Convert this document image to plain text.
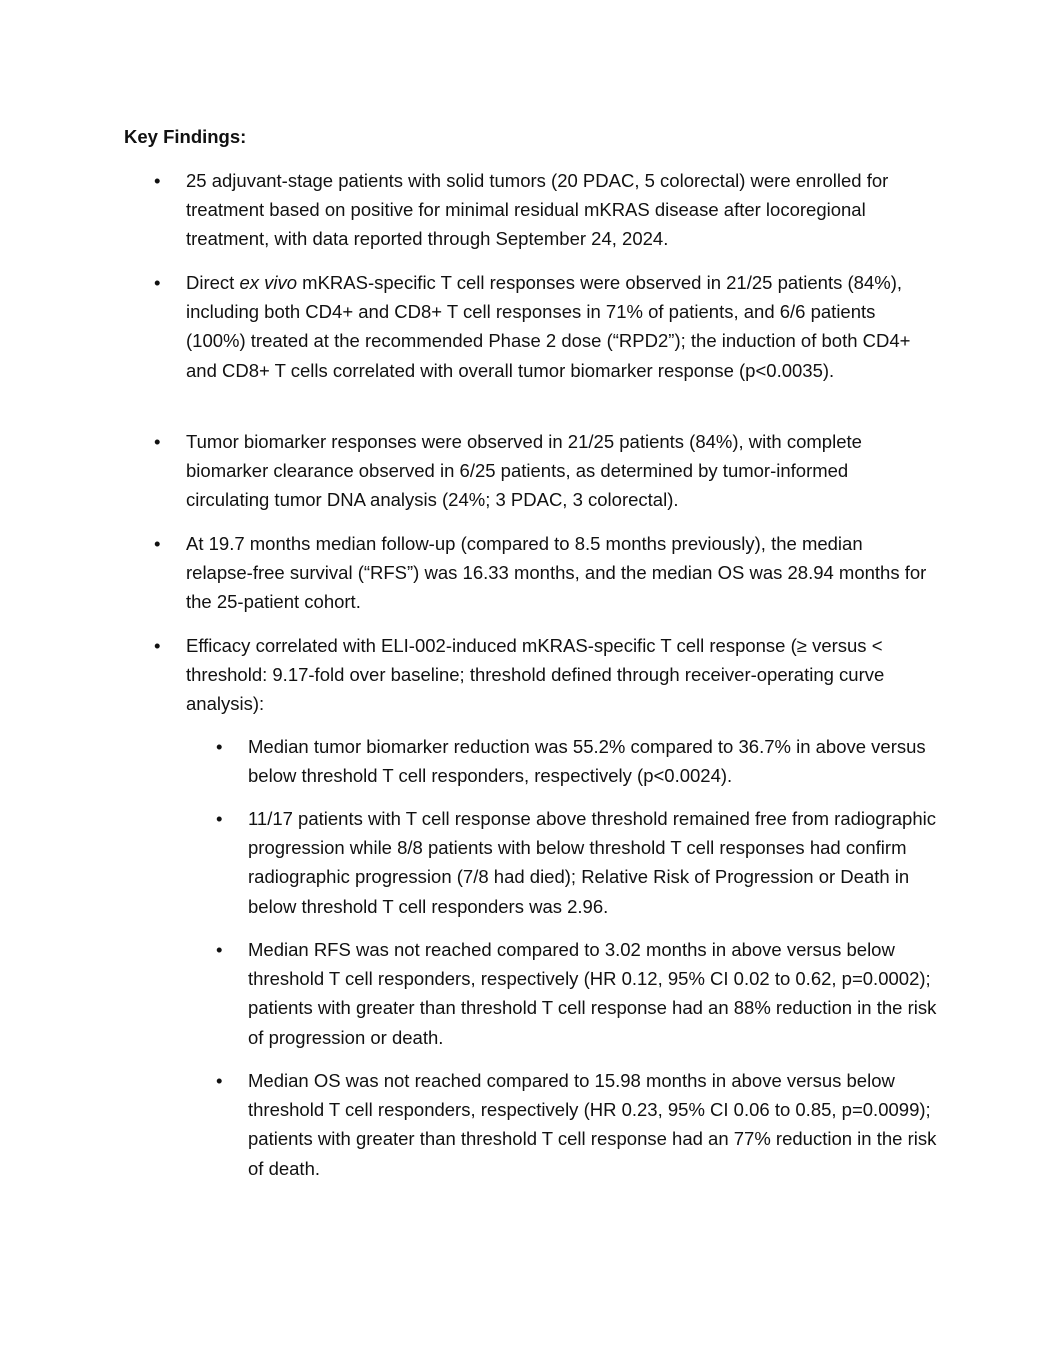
Key Findings:
•	25 adjuvant-stage patients with solid tumors (20 PDAC, 5 colorectal) were enrolled for treatment based on positive for minimal residual mKRAS disease after locoregional treatment, with data reported through September 24, 2024.
•	Direct ex vivo mKRAS-specific T cell responses were observed in 21/25 patients (84%), including both CD4+ and CD8+ T cell responses in 71% of patients, and 6/6 patients (100%) treated at the recommended Phase 2 dose (“RPD2”); the induction of both CD4+ and CD8+ T cells correlated with overall tumor biomarker response (p<0.0035).
•	Tumor biomarker responses were observed in 21/25 patients (84%), with complete biomarker clearance observed in 6/25 patients, as determined by tumor-informed circulating tumor DNA analysis (24%; 3 PDAC, 3 colorectal).
•	At 19.7 months median follow-up (compared to 8.5 months previously), the median relapse-free survival (“RFS”) was 16.33 months, and the median OS was 28.94 months for the 25-patient cohort.
•	Efficacy correlated with ELI-002-induced mKRAS-specific T cell response (≥ versus < threshold: 9.17-fold over baseline; threshold defined through receiver-operating curve analysis):
•	Median tumor biomarker reduction was 55.2% compared to 36.7% in above versus below threshold T cell responders, respectively (p<0.0024).
•	11/17 patients with T cell response above threshold remained free from radiographic progression while 8/8 patients with below threshold T cell responses had confirm radiographic progression (7/8 had died); Relative Risk of Progression or Death in below threshold T cell responders was 2.96.
•	Median RFS was not reached compared to 3.02 months in above versus below threshold T cell responders, respectively (HR 0.12, 95% CI 0.02 to 0.62, p=0.0002); patients with greater than threshold T cell response had an 88% reduction in the risk of progression or death.
•	Median OS was not reached compared to 15.98 months in above versus below threshold T cell responders, respectively (HR 0.23, 95% CI 0.06 to 0.85, p=0.0099); patients with greater than threshold T cell response had an 77% reduction in the risk of death.
